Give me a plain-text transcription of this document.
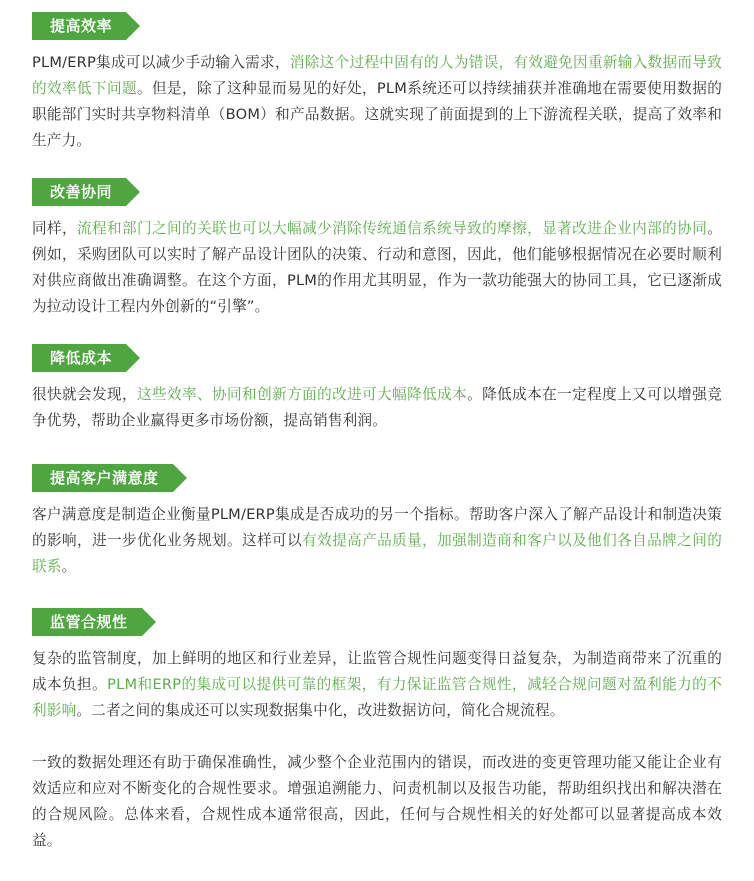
提高效率

PLM/ERP集成可以减少手动输入需求，消除这个过程中固有的人为错误，有效避免因重新输入数据而导致的效率低下问题。但是，除了这种显而易见的好处，PLM系统还可以持续捕获并准确地在需要使用数据的职能部门实时共享物料清单（BOM）和产品数据。这就实现了前面提到的上下游流程关联，提高了效率和生产力。

改善协同

同样，流程和部门之间的关联也可以大幅减少消除传统通信系统导致的摩擦，显著改进企业内部的协同。例如，采购团队可以实时了解产品设计团队的决策、行动和意图，因此，他们能够根据情况在必要时顺利对供应商做出准确调整。在这个方面，PLM的作用尤其明显，作为一款功能强大的协同工具，它已逐渐成为拉动设计工程内外创新的“引擎”。

降低成本

很快就会发现，这些效率、协同和创新方面的改进可大幅降低成本。降低成本在一定程度上又可以增强竞争优势，帮助企业赢得更多市场份额，提高销售利润。

提高客户满意度

客户满意度是制造企业衡量PLM/ERP集成是否成功的另一个指标。帮助客户深入了解产品设计和制造决策的影响，进一步优化业务规划。这样可以有效提高产品质量，加强制造商和客户以及他们各自品牌之间的联系。

监管合规性

复杂的监管制度，加上鲜明的地区和行业差异，让监管合规性问题变得日益复杂，为制造商带来了沉重的成本负担。PLM和ERP的集成可以提供可靠的框架，有力保证监管合规性，减轻合规问题对盈利能力的不利影响。二者之间的集成还可以实现数据集中化，改进数据访问，简化合规流程。

一致的数据处理还有助于确保准确性，减少整个企业范围内的错误，而改进的变更管理功能又能让企业有效适应和应对不断变化的合规性要求。增强追溯能力、问责机制以及报告功能，帮助组织找出和解决潜在的合规风险。总体来看，合规性成本通常很高，因此，任何与合规性相关的好处都可以显著提高成本效益。
